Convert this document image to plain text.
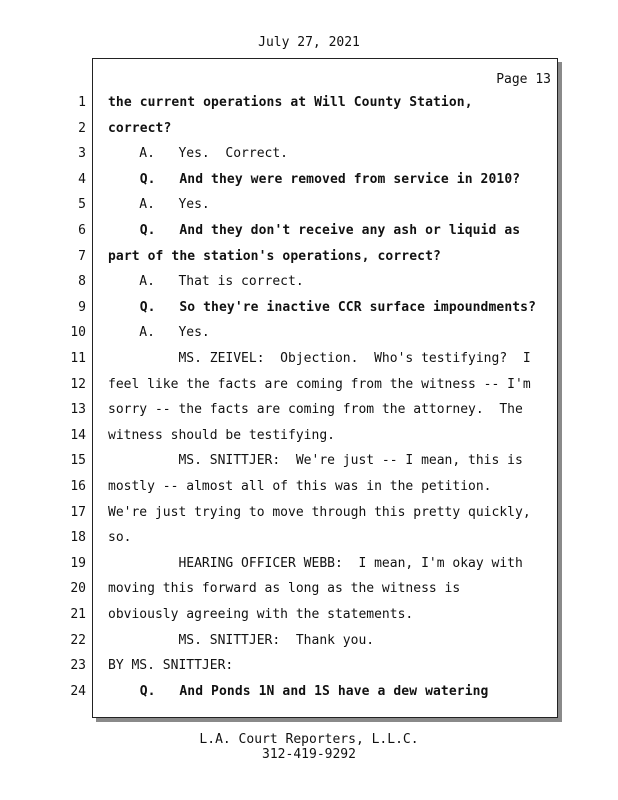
July 27, 2021
Page 13
1 the current operations at Will County Station,
2 correct?
3 A.   Yes.  Correct.
4 Q.   And they were removed from service in 2010?
5 A.   Yes.
6 Q.   And they don't receive any ash or liquid as
7 part of the station's operations, correct?
8 A.   That is correct.
9 Q.   So they're inactive CCR surface impoundments?
10 A.   Yes.
11 MS. ZEIVEL:  Objection.  Who's testifying?  I
12 feel like the facts are coming from the witness -- I'm
13 sorry -- the facts are coming from the attorney.  The
14 witness should be testifying.
15 MS. SNITTJER:  We're just -- I mean, this is
16 mostly -- almost all of this was in the petition.
17 We're just trying to move through this pretty quickly,
18 so.
19 HEARING OFFICER WEBB:  I mean, I'm okay with
20 moving this forward as long as the witness is
21 obviously agreeing with the statements.
22 MS. SNITTJER:  Thank you.
23 BY MS. SNITTJER:
24 Q.   And Ponds 1N and 1S have a dew watering
L.A. Court Reporters, L.L.C.
312-419-9292
